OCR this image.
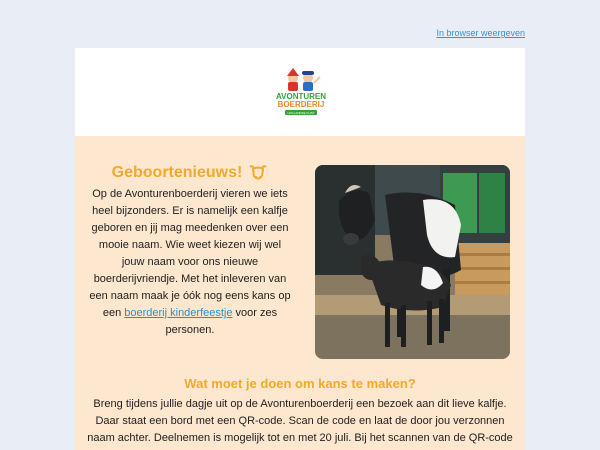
In browser weergeven
AVONTUREN
BOERDERIJ
HOLLANDSE KUST
Geboortenieuws!
Op de Avonturenboerderij vieren we iets heel bijzonders. Er is namelijk een kalfje geboren en jij mag meedenken over een mooie naam. Wie weet kiezen wij wel jouw naam voor ons nieuwe boerderijvriendje. Met het inleveren van een naam maak je óók nog eens kans op een boerderij kinderfeestje voor zes personen.
Wat moet je doen om kans te maken?
Breng tijdens jullie dagje uit op de Avonturenboerderij een bezoek aan dit lieve kalfje. Daar staat een bord met een QR-code. Scan de code en laat de door jou verzonnen naam achter. Deelnemen is mogelijk tot en met 20 juli. Bij het scannen van de QR-code
